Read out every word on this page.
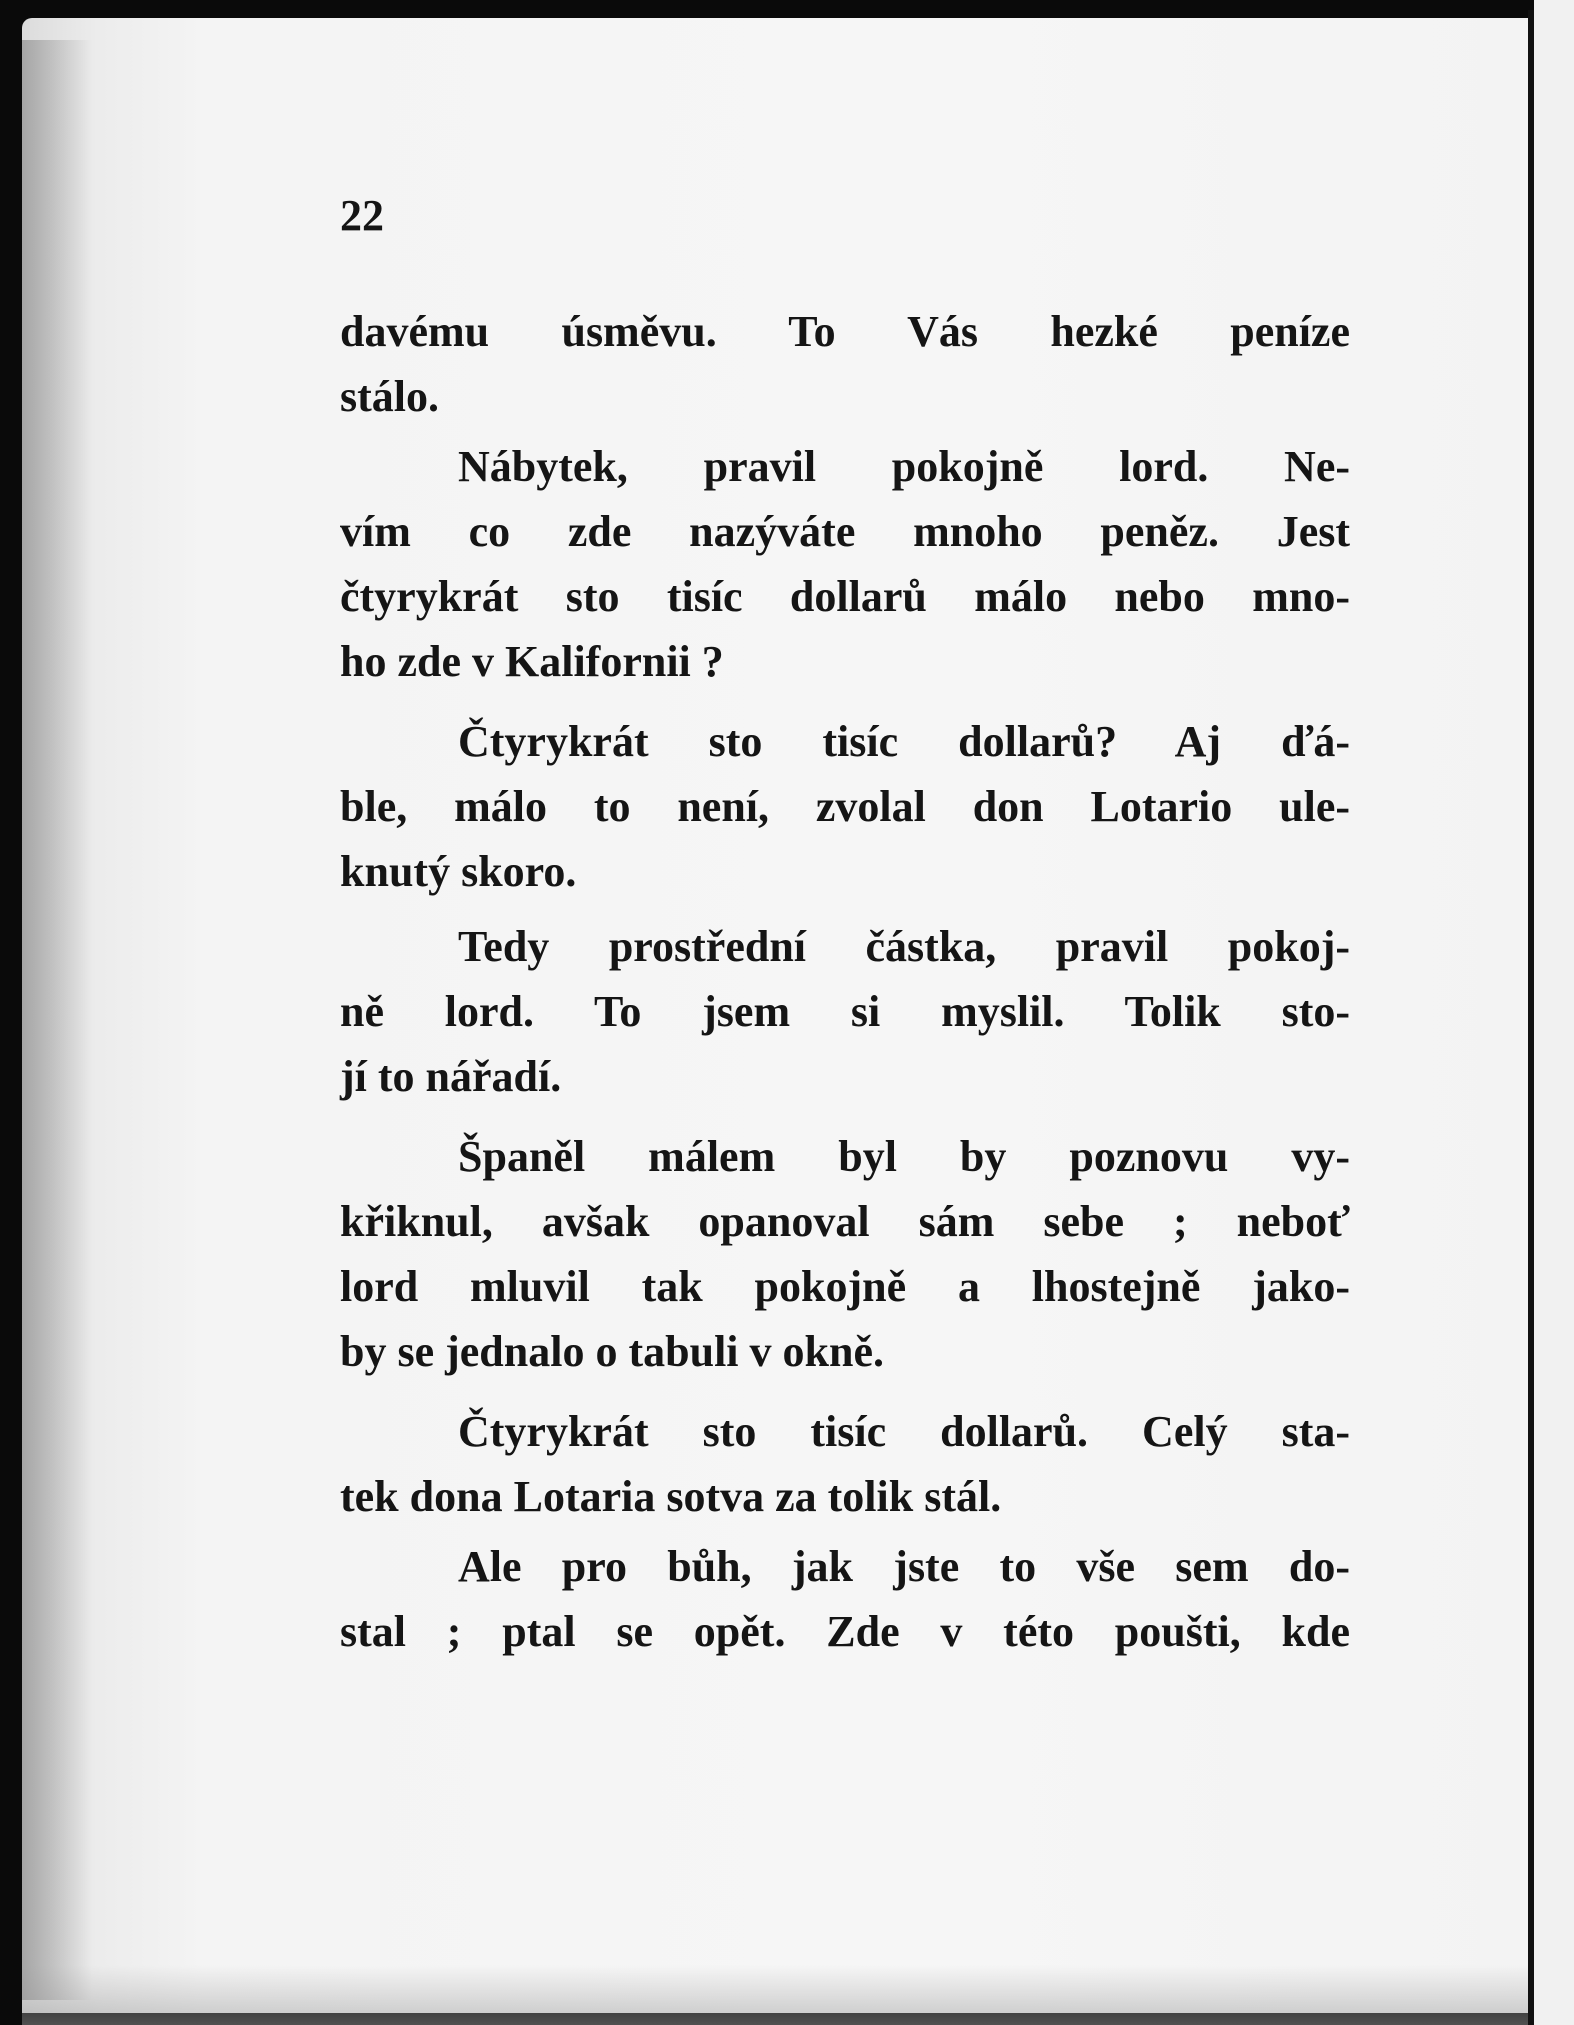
22
davému úsměvu. To Vás hezké peníze
stálo.
Nábytek, pravil pokojně lord. Ne-
vím co zde nazýváte mnoho peněz. Jest
čtyrykrát sto tisíc dollarů málo nebo mno-
ho zde v Kalifornii ?
Čtyrykrát sto tisíc dollarů? Aj ďá-
ble, málo to není, zvolal don Lotario ule-
knutý skoro.
Tedy prostřední částka, pravil pokoj-
ně lord. To jsem si myslil. Tolik sto-
jí to nářadí.
Španěl málem byl by poznovu vy-
křiknul, avšak opanoval sám sebe ; neboť
lord mluvil tak pokojně a lhostejně jako-
by se jednalo o tabuli v okně.
Čtyrykrát sto tisíc dollarů. Celý sta-
tek dona Lotaria sotva za tolik stál.
Ale pro bůh, jak jste to vše sem do-
stal ; ptal se opět. Zde v této poušti, kde
